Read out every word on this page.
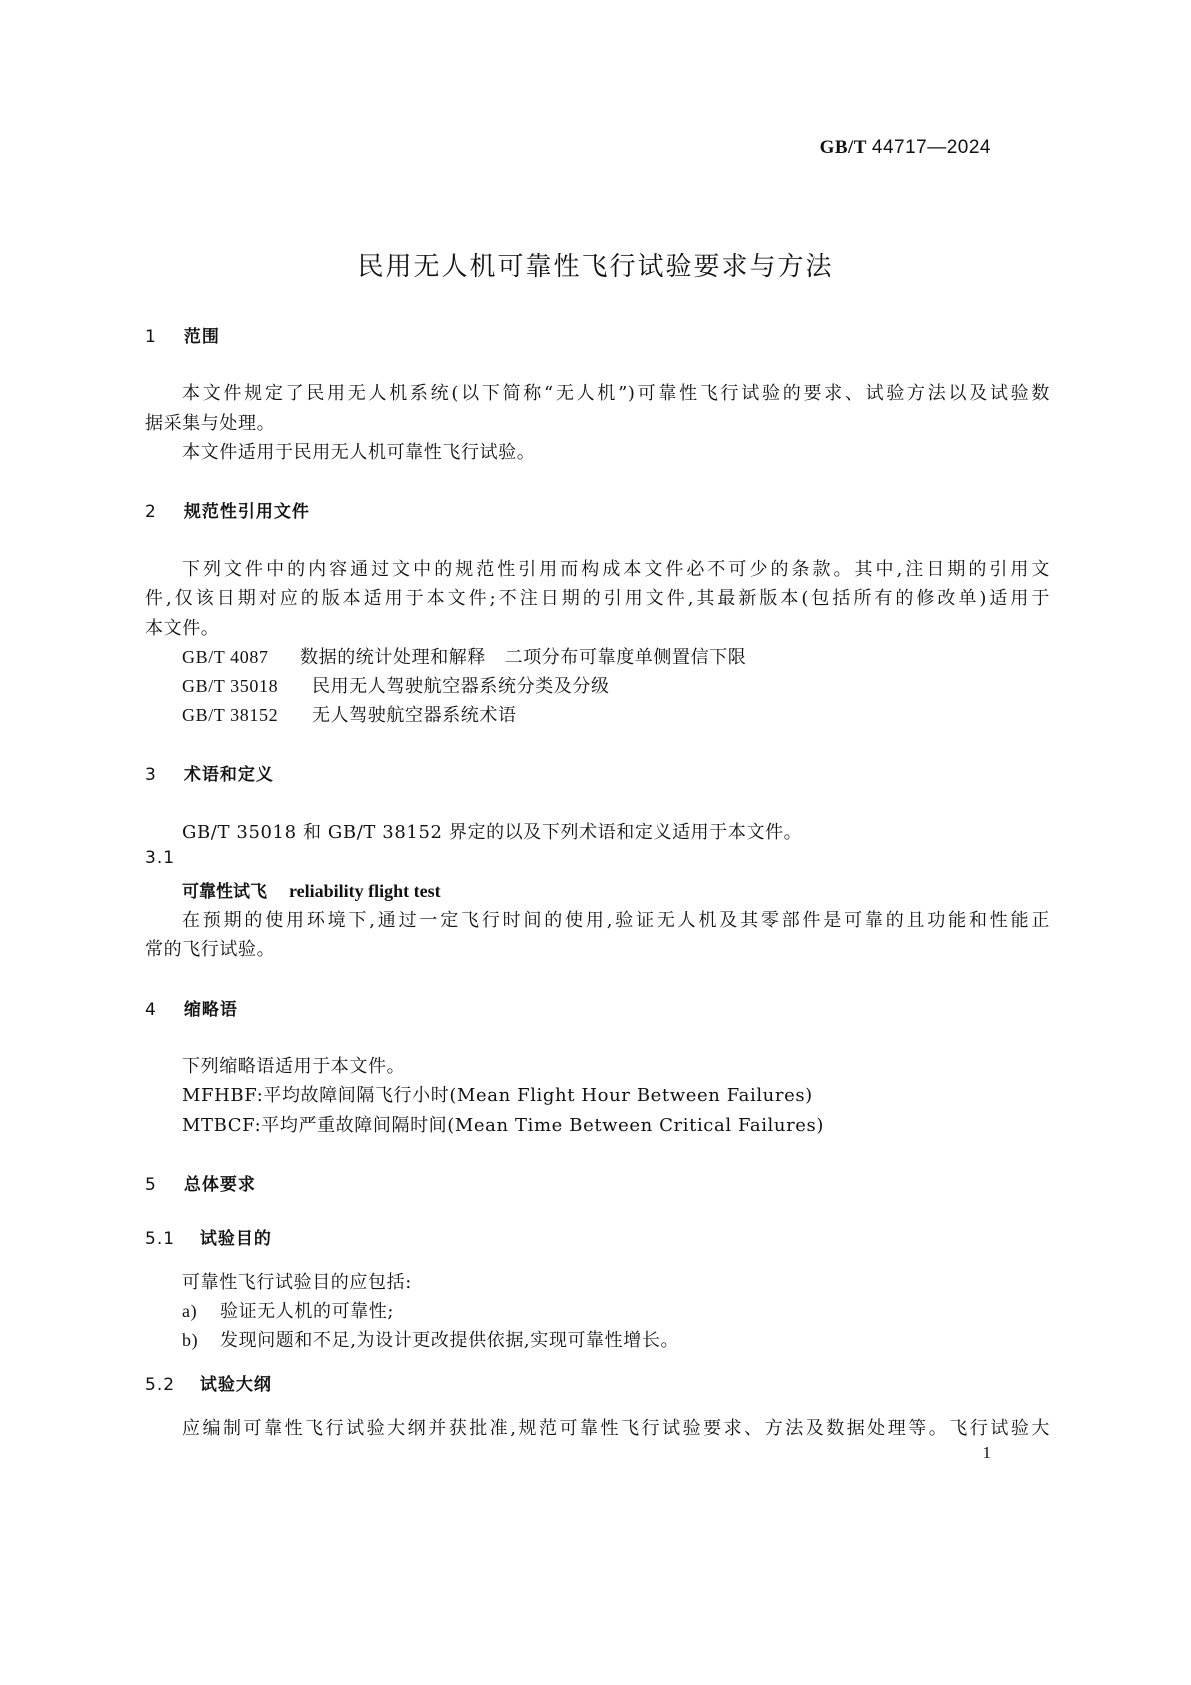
GB/T 44717—2024
民用无人机可靠性飞行试验要求与方法
1 范围
本文件规定了民用无人机系统(以下简称“无人机”)可靠性飞行试验的要求、试验方法以及试验数
据采集与处理。
本文件适用于民用无人机可靠性飞行试验。
2 规范性引用文件
下列文件中的内容通过文中的规范性引用而构成本文件必不可少的条款。其中,注日期的引用文
件,仅该日期对应的版本适用于本文件;不注日期的引用文件,其最新版本(包括所有的修改单)适用于
本文件。
GB/T 4087 数据的统计处理和解释　二项分布可靠度单侧置信下限
GB/T 35018 民用无人驾驶航空器系统分类及分级
GB/T 38152 无人驾驶航空器系统术语
3 术语和定义
GB/T 35018 和 GB/T 38152 界定的以及下列术语和定义适用于本文件。
3.1
可靠性试飞 reliability flight test
在预期的使用环境下,通过一定飞行时间的使用,验证无人机及其零部件是可靠的且功能和性能正
常的飞行试验。
4 缩略语
下列缩略语适用于本文件。
MFHBF:平均故障间隔飞行小时(Mean Flight Hour Between Failures)
MTBCF:平均严重故障间隔时间(Mean Time Between Critical Failures)
5 总体要求
5.1 试验目的
可靠性飞行试验目的应包括:
a) 验证无人机的可靠性;
b) 发现问题和不足,为设计更改提供依据,实现可靠性增长。
5.2 试验大纲
应编制可靠性飞行试验大纲并获批准,规范可靠性飞行试验要求、方法及数据处理等。飞行试验大
1
